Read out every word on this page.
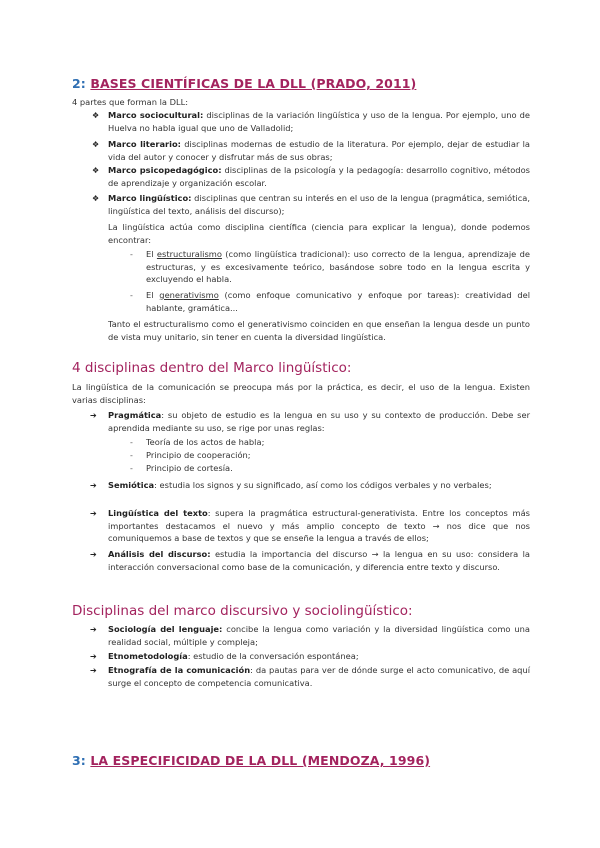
2: BASES CIENTÍFICAS DE LA DLL (PRADO, 2011)
4 partes que forman la DLL:
❖ Marco sociocultural: disciplinas de la variación lingüística y uso de la lengua. Por ejemplo, uno de Huelva no habla igual que uno de Valladolid;
❖ Marco literario: disciplinas modernas de estudio de la literatura. Por ejemplo, dejar de estudiar la vida del autor y conocer y disfrutar más de sus obras;
❖ Marco psicopedagógico: disciplinas de la psicología y la pedagogía: desarrollo cognitivo, métodos de aprendizaje y organización escolar.
❖ Marco lingüístico: disciplinas que centran su interés en el uso de la lengua (pragmática, semiótica, lingüística del texto, análisis del discurso);
La lingüística actúa como disciplina científica (ciencia para explicar la lengua), donde podemos encontrar:
- El estructuralismo (como lingüística tradicional): uso correcto de la lengua, aprendizaje de estructuras, y es excesivamente teórico, basándose sobre todo en la lengua escrita y excluyendo el habla.
- El generativismo (como enfoque comunicativo y enfoque por tareas): creatividad del hablante, gramática...
Tanto el estructuralismo como el generativismo coinciden en que enseñan la lengua desde un punto de vista muy unitario, sin tener en cuenta la diversidad lingüística.
4 disciplinas dentro del Marco lingüístico:
La lingüística de la comunicación se preocupa más por la práctica, es decir, el uso de la lengua. Existen varias disciplinas:
➔ Pragmática: su objeto de estudio es la lengua en su uso y su contexto de producción. Debe ser aprendida mediante su uso, se rige por unas reglas:
- Teoría de los actos de habla;
- Principio de cooperación;
- Principio de cortesía.
➔ Semiótica: estudia los signos y su significado, así como los códigos verbales y no verbales;
➔ Lingüística del texto: supera la pragmática estructural-generativista. Entre los conceptos más importantes destacamos el nuevo y más amplio concepto de texto → nos dice que nos comuniquemos a base de textos y que se enseñe la lengua a través de ellos;
➔ Análisis del discurso: estudia la importancia del discurso → la lengua en su uso: considera la interacción conversacional como base de la comunicación, y diferencia entre texto y discurso.
Disciplinas del marco discursivo y sociolingüístico:
➔ Sociología del lenguaje: concibe la lengua como variación y la diversidad lingüística como una realidad social, múltiple y compleja;
➔ Etnometodología: estudio de la conversación espontánea;
➔ Etnografía de la comunicación: da pautas para ver de dónde surge el acto comunicativo, de aquí surge el concepto de competencia comunicativa.
3: LA ESPECIFICIDAD DE LA DLL (MENDOZA, 1996)
